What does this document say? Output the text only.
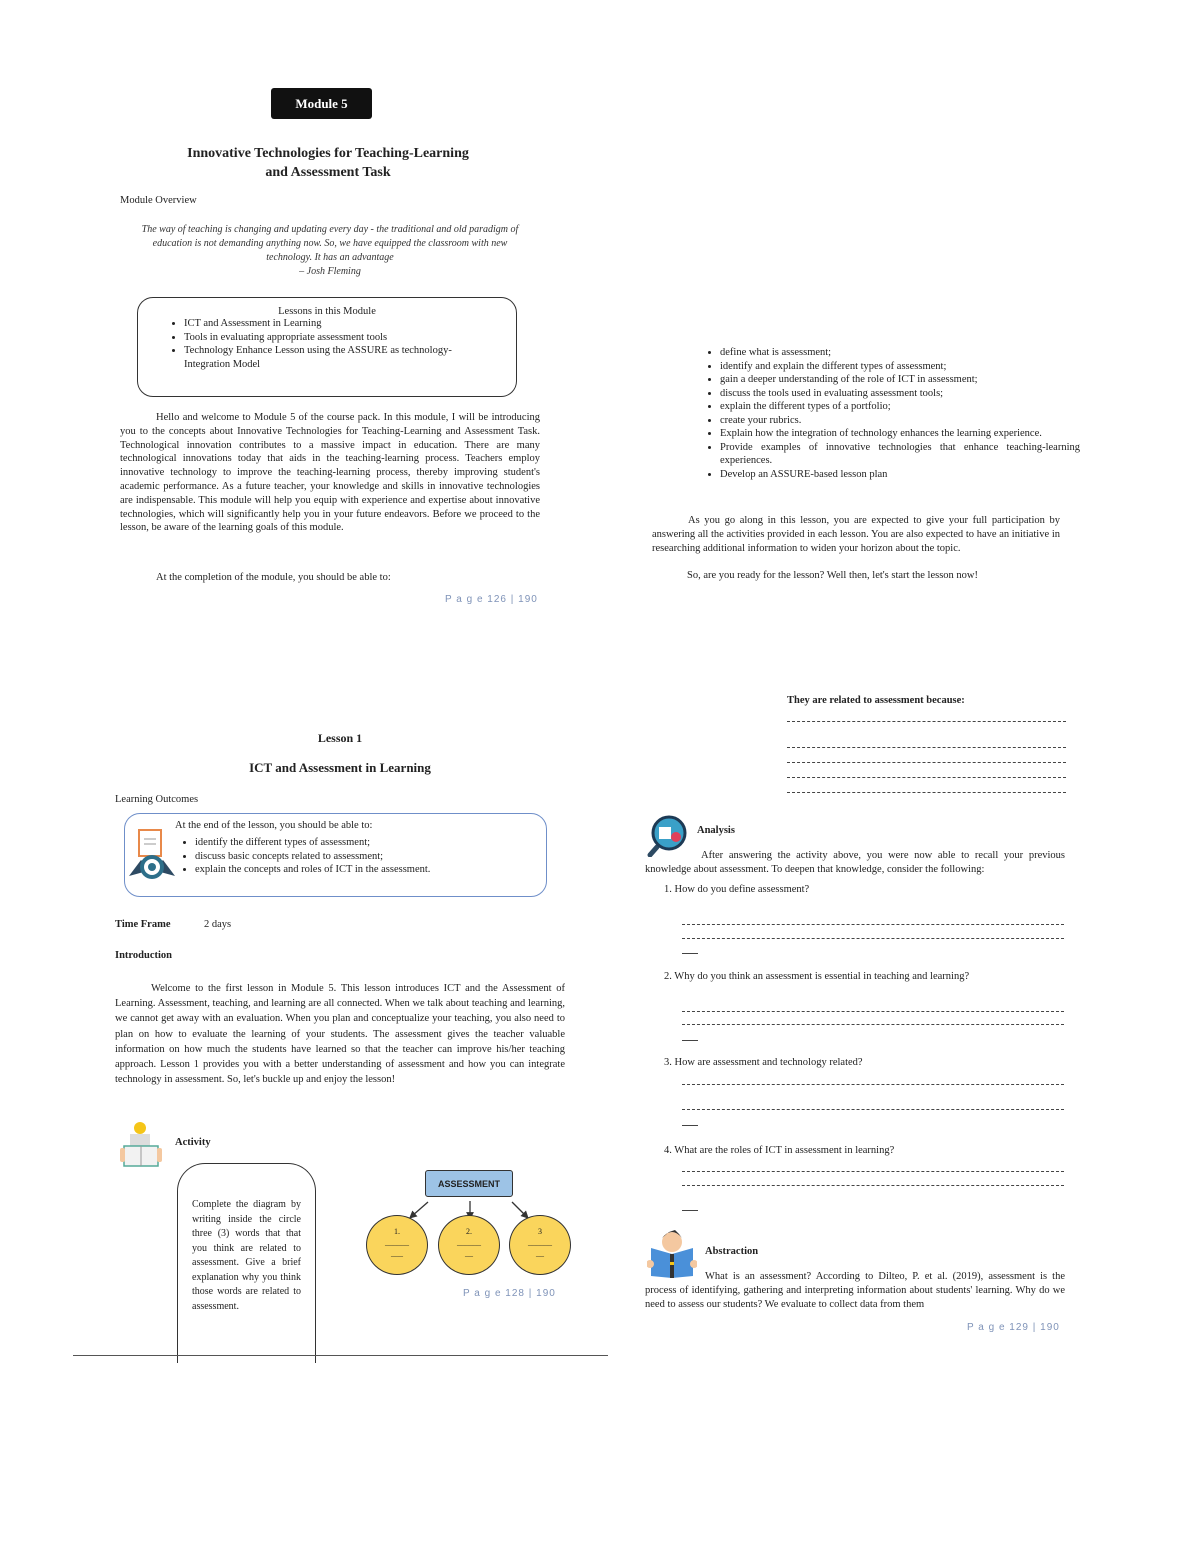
Module 5
Innovative Technologies for Teaching-Learning
and Assessment Task
Module Overview
The way of teaching is changing and updating every day - the traditional and old paradigm of education is not demanding anything now. So, we have equipped the classroom with new technology. It has an advantage
– Josh Fleming
Lessons in this Module
• ICT and Assessment in Learning
• Tools in evaluating appropriate assessment tools
• Technology Enhance Lesson using the ASSURE as technology-Integration Model
Hello and welcome to Module 5 of the course pack. In this module, I will be introducing you to the concepts about Innovative Technologies for Teaching-Learning and Assessment Task. Technological innovation contributes to a massive impact in education. There are many technological innovations today that aids in the teaching-learning process. Teachers employ innovative technology to improve the teaching-learning process, thereby improving student's academic performance. As a future teacher, your knowledge and skills in innovative technologies are indispensable. This module will help you equip with experience and expertise about innovative technologies, which will significantly help you in your future endeavors. Before we proceed to the lesson, be aware of the learning goals of this module.
At the completion of the module, you should be able to:
P a g e 126 | 190
• define what is assessment;
• identify and explain the different types of assessment;
• gain a deeper understanding of the role of ICT in assessment;
• discuss the tools used in evaluating assessment tools;
• explain the different types of a portfolio;
• create your rubrics.
• Explain how the integration of technology enhances the learning experience.
• Provide examples of innovative technologies that enhance teaching-learning experiences.
• Develop an ASSURE-based lesson plan
As you go along in this lesson, you are expected to give your full participation by answering all the activities provided in each lesson. You are also expected to have an initiative in researching additional information to widen your horizon about the topic.
So, are you ready for the lesson? Well then, let's start the lesson now!
Lesson 1
ICT and Assessment in Learning
Learning Outcomes
At the end of the lesson, you should be able to:
• identify the different types of assessment;
• discuss basic concepts related to assessment;
• explain the concepts and roles of ICT in the assessment.
Time Frame	2 days
Introduction
Welcome to the first lesson in Module 5. This lesson introduces ICT and the Assessment of Learning. Assessment, teaching, and learning are all connected. When we talk about teaching and learning, we cannot get away with an evaluation. When you plan and conceptualize your teaching, you also need to plan on how to evaluate the learning of your students. The assessment gives the teacher valuable information on how much the students have learned so that the teacher can improve his/her teaching approach. Lesson 1 provides you with a better understanding of assessment and how you can integrate technology in assessment. So, let's buckle up and enjoy the lesson!
Activity
Complete the diagram by writing inside the circle three (3) words that that you think are related to assessment. Give a brief explanation why you think those words are related to assessment.
ASSESSMENT
1.
______
___
2.
______
__
3
______
__
P a g e 128 | 190
They are related to assessment because:
Analysis
After answering the activity above, you were now able to recall your previous knowledge about assessment. To deepen that knowledge, consider the following:
1. How do you define assessment?
2. Why do you think an assessment is essential in teaching and learning?
3. How are assessment and technology related?
4. What are the roles of ICT in assessment in learning?
Abstraction
What is an assessment? According to Dilteo, P. et al. (2019), assessment is the process of identifying, gathering and interpreting information about students' learning. Why do we need to assess our students? We evaluate to collect data from them
P a g e 129 | 190
